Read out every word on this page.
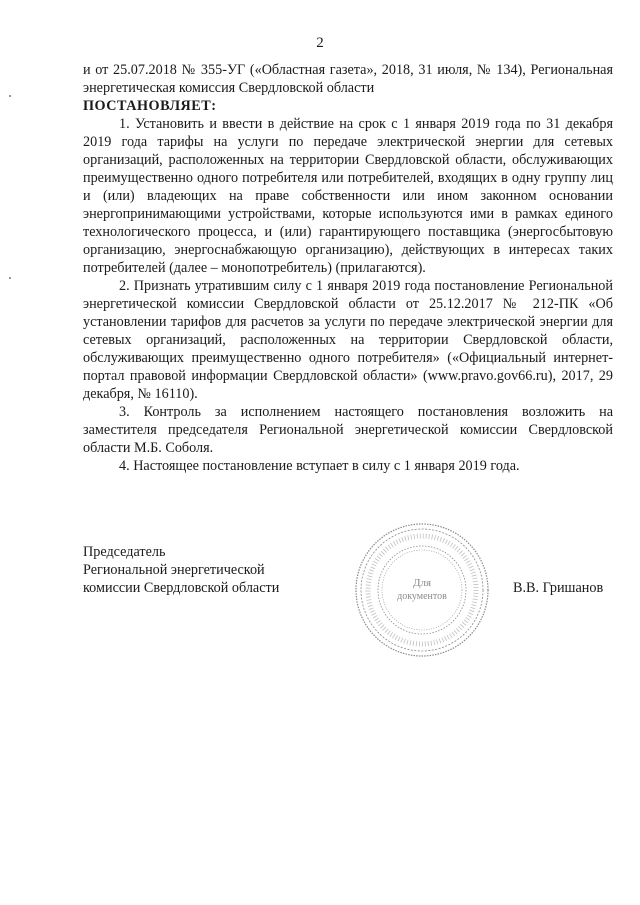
2

и от 25.07.2018 № 355-УГ («Областная газета», 2018, 31 июля, № 134), Региональная энергетическая комиссия Свердловской области

ПОСТАНОВЛЯЕТ:

1. Установить и ввести в действие на срок с 1 января 2019 года по 31 декабря 2019 года тарифы на услуги по передаче электрической энергии для сетевых организаций, расположенных на территории Свердловской области, обслуживающих преимущественно одного потребителя или потребителей, входящих в одну группу лиц и (или) владеющих на праве собственности или ином законном основании энергопринимающими устройствами, которые используются ими в рамках единого технологического процесса, и (или) гарантирующего поставщика (энергосбытовую организацию, энергоснабжающую организацию), действующих в интересах таких потребителей (далее – монопотребитель) (прилагаются).

2. Признать утратившим силу с 1 января 2019 года постановление Региональной энергетической комиссии Свердловской области от 25.12.2017 № 212-ПК «Об установлении тарифов для расчетов за услуги по передаче электрической энергии для сетевых организаций, расположенных на территории Свердловской области, обслуживающих преимущественно одного потребителя» («Официальный интернет-портал правовой информации Свердловской области» (www.pravo.gov66.ru), 2017, 29 декабря, № 16110).

3. Контроль за исполнением настоящего постановления возложить на заместителя председателя Региональной энергетической комиссии Свердловской области М.Б. Соболя.

4. Настоящее постановление вступает в силу с 1 января 2019 года.

Председатель
Региональной энергетической
комиссии Свердловской области	В.В. Гришанов
Для
документов
